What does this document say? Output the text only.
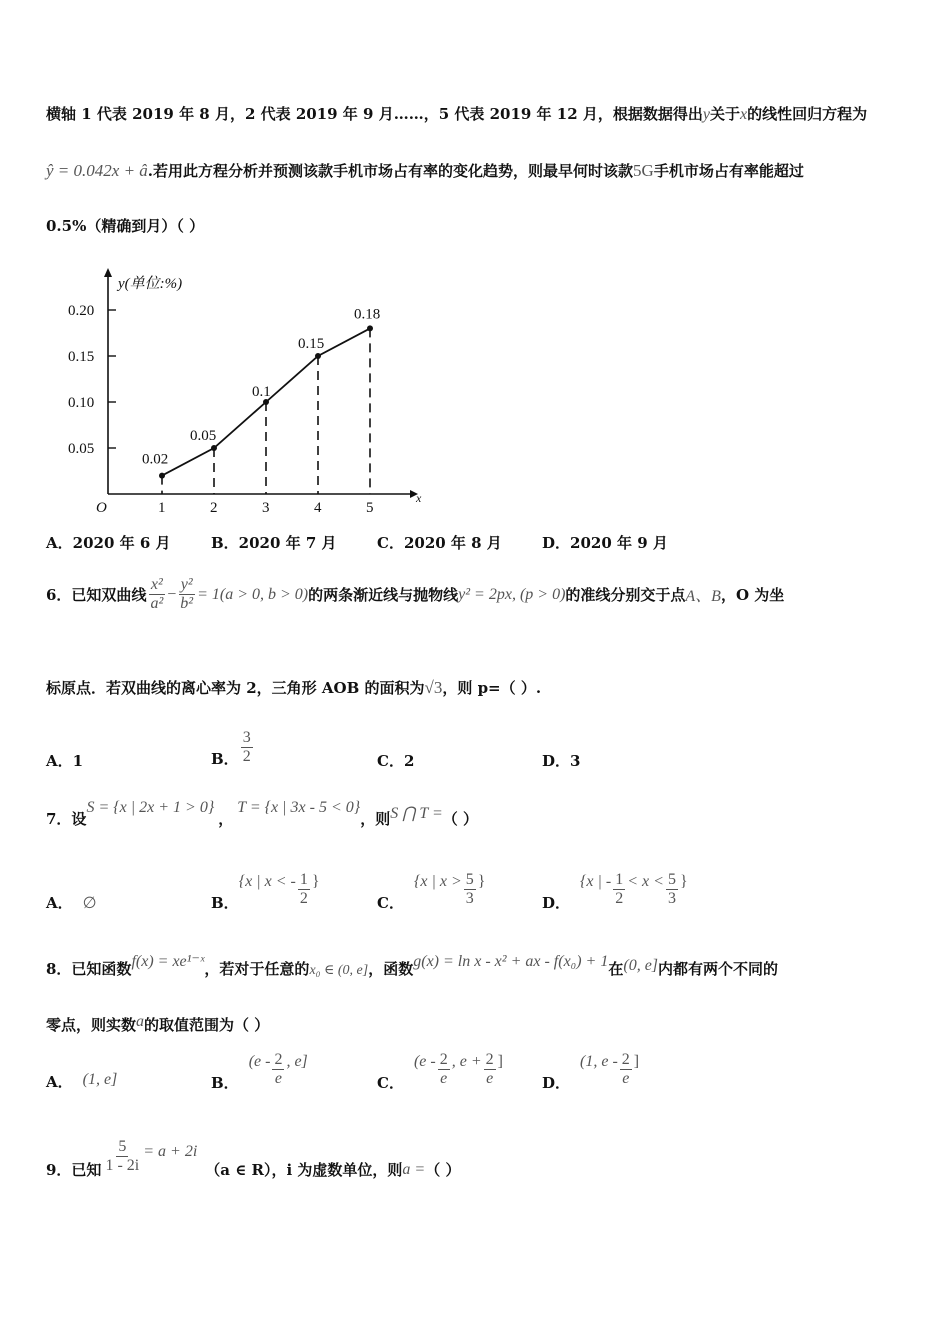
横轴 1 代表 2019 年 8 月，2 代表 2019 年 9 月……，5 代表 2019 年 12 月，根据数据得出y关于x的线性回归方程为
ŷ = 0.042x + â.若用此方程分析并预测该款手机市场占有率的变化趋势，则最早何时该款5G手机市场占有率能超过
0.5%（精确到月）（ ）
y(单位:%)
x
O
0.05
0.10
0.15
0.20
1	2	3	4	5
0.02
0.05
0.1
0.15
0.18
A．2020 年 6 月	B．2020 年 7 月	C．2020 年 8 月	D．2020 年 9 月
6．已知双曲线 $\frac{\text{x²}}{\text{a²}} - \frac{\text{y²}}{\text{b²}} = 1(a > 0$, b > 0) 的两条渐近线与抛物线 y² = 2px, (p > 0) 的准线分别交于点 A、B ，O 为坐
标原点．若双曲线的离心率为 2，三角形 AOB 的面积为√3，则 p=（ ）.
A．1	B． $\frac{3}{2}$	C．2	D．3
7．设S = {x | 2x + 1 > 0}，T = {x | 3x - 5 < 0}，则S ⋂ T =（ ）
A． ∅	B．
{x | x < - $\frac{1}{2}$ }
C．
{x | $x > \frac{5}{3}$ }
D．
{x | - $\frac{1}{2} < x < \frac{5}{3}$ }
8．已知函数f(x) = xe¹⁻ˣ，若对于任意的x₀ ∈ (0, e]，函数g(x) = ln x - x² + ax - f(x₀) + 1在(0, e]内都有两个不同的
零点，则实数a的取值范围为（ ）
A． (1, e]	B．
($e - \frac{2}{e}$ , e]
C．
($e - \frac{2}{e}$ , $e + \frac{2}{e}$ ]
D．
(1, e - $\frac{2}{e}$ ]
9．已知 $\frac{5}{1 - 2i} = a + 2i$
（a ∈ R），i 为虚数单位，则 a = （ ）
